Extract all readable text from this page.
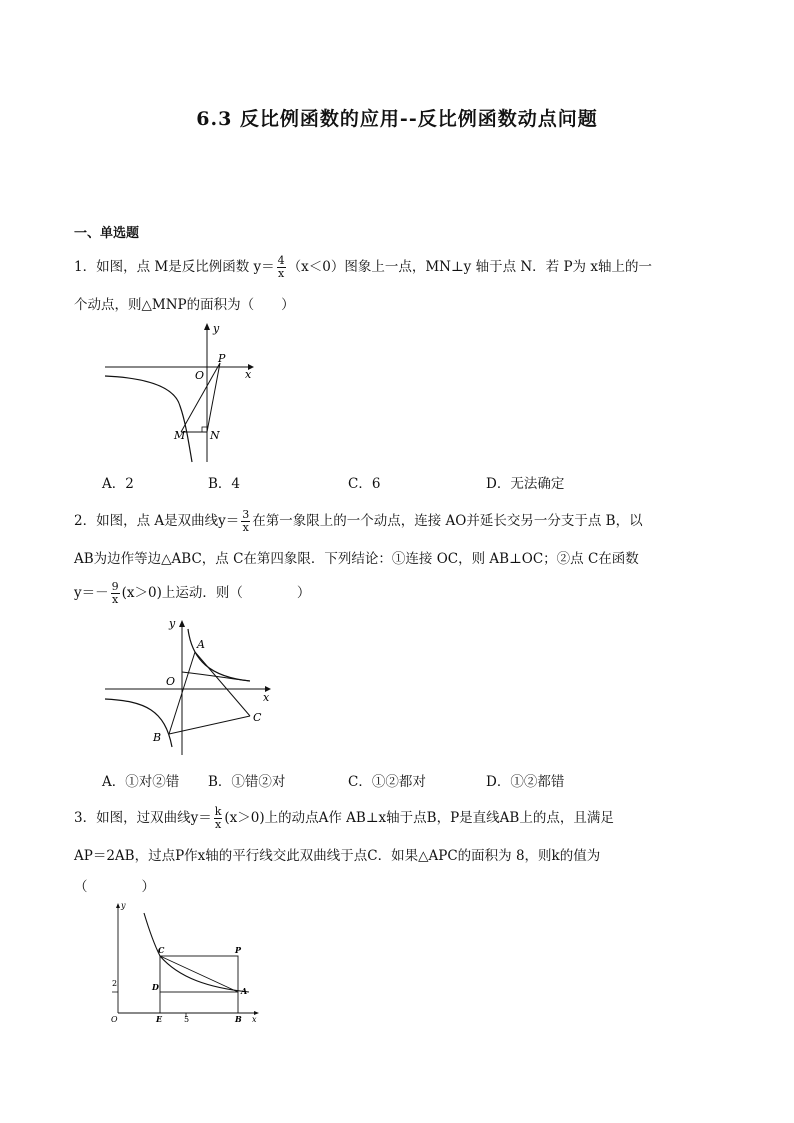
6.3 反比例函数的应用--反比例函数动点问题
一、单选题
1．如图，点 M是反比例函数 $y= \frac{4}{x} (x<0)$图象上一点，MN⊥y 轴于点 N．若 P为 x轴上的一
个动点，则△MNP的面积为（　　）
y
x
O
P
M N
A．2	B．4	C．6	D．无法确定
2．如图，点 A是双曲线$y= \frac{3}{x}$ 在第一象限上的一个动点，连接 AO并延长交另一分支于点 B，以
AB为边作等边△ABC，点 C在第四象限．下列结论：①连接 OC，则 AB⊥OC；②点 C在函数
$y=- \frac{9}{x} (x>0)$上运动．则（　　　　）
y
x
O
A
B
C
A．①对②错 B．①错②对	C．①②都对	D．①②都错
3．如图，过双曲线$y= \frac{k}{x} (x>0)$上的动点A作 AB⊥x轴于点B，P是直线AB上的点，且满足
AP＝2AB，过点P作x轴的平行线交此双曲线于点C．如果△APC的面积为 8，则k的值为
（　　　　）
y
x
O
C	P
D	A
E	B
2
5
